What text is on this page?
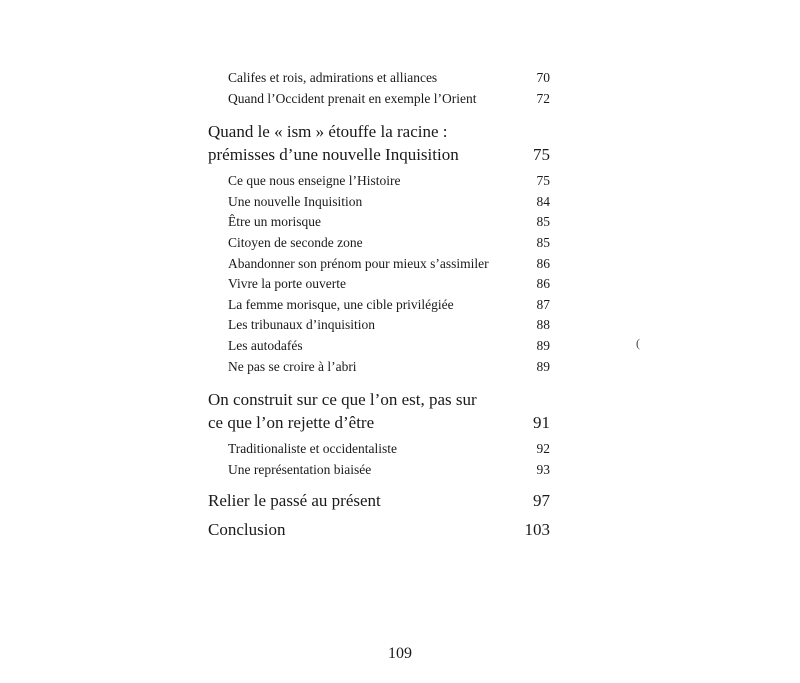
Califes et rois, admirations et alliances	70
Quand l’Occident prenait en exemple l’Orient	72
Quand le « ism » étouffe la racine :
prémisses d’une nouvelle Inquisition	75
Ce que nous enseigne l’Histoire	75
Une nouvelle Inquisition	84
Être un morisque	85
Citoyen de seconde zone	85
Abandonner son prénom pour mieux s’assimiler	86
Vivre la porte ouverte	86
La femme morisque, une cible privilégiée	87
Les tribunaux d’inquisition	88
Les autodafés	89
Ne pas se croire à l’abri	89
On construit sur ce que l’on est, pas sur
ce que l’on rejette d’être	91
Traditionaliste et occidentaliste	92
Une représentation biaisée	93
Relier le passé au présent	97
Conclusion	103
(
109
